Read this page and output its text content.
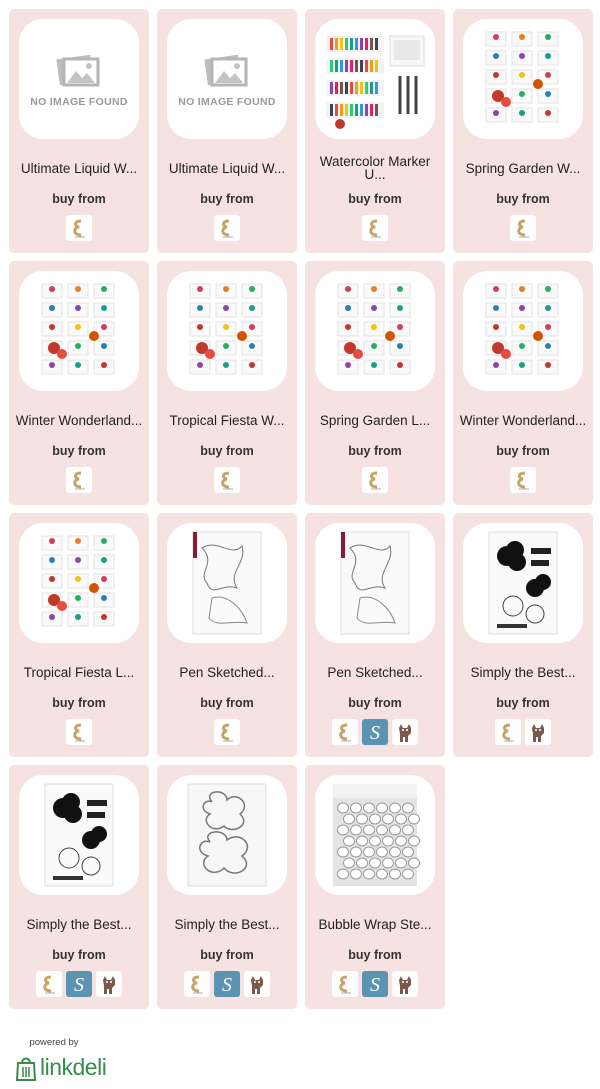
NO IMAGE FOUND
Ultimate Liquid W...
buy from
NO IMAGE FOUND
Ultimate Liquid W...
buy from
Watercolor Marker U...
buy from
Spring Garden W...
buy from
Winter Wonderland...
buy from
Tropical Fiesta W...
buy from
Spring Garden L...
buy from
Winter Wonderland...
buy from
Tropical Fiesta L...
buy from
Pen Sketched...
buy from
Pen Sketched...
buy from
S
Simply the Best...
buy from
Simply the Best...
buy from
S
Simply the Best...
buy from
S
Bubble Wrap Ste...
buy from
S
powered by
linkdeli
